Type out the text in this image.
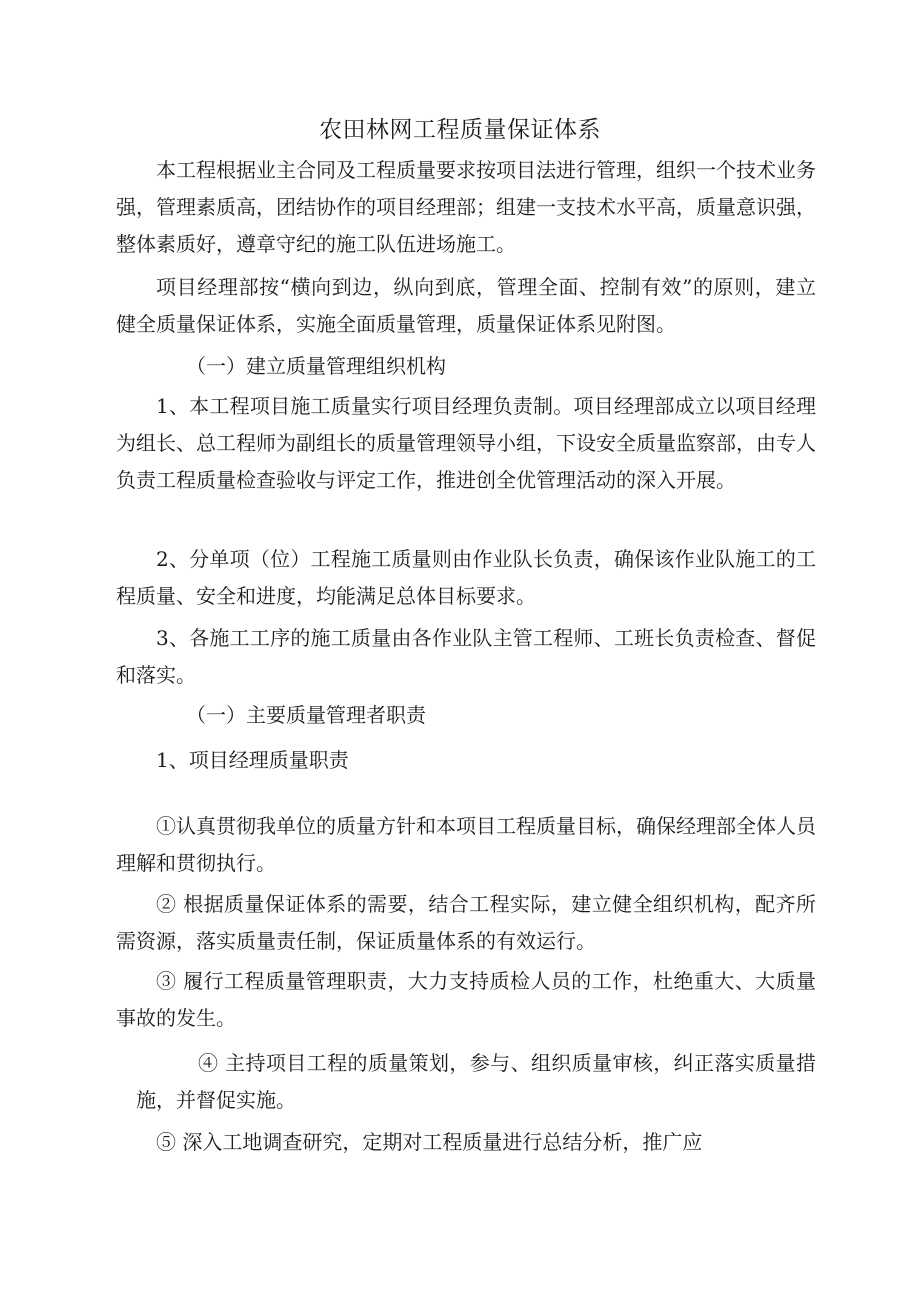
农田林网工程质量保证体系

本工程根据业主合同及工程质量要求按项目法进行管理，组织一个技术业务强，管理素质高，团结协作的项目经理部；组建一支技术水平高，质量意识强，整体素质好，遵章守纪的施工队伍进场施工。

项目经理部按“横向到边，纵向到底，管理全面、控制有效”的原则，建立健全质量保证体系，实施全面质量管理，质量保证体系见附图。

（一）建立质量管理组织机构

1、本工程项目施工质量实行项目经理负责制。项目经理部成立以项目经理为组长、总工程师为副组长的质量管理领导小组，下设安全质量监察部，由专人负责工程质量检查验收与评定工作，推进创全优管理活动的深入开展。

2、分单项（位）工程施工质量则由作业队长负责，确保该作业队施工的工程质量、安全和进度，均能满足总体目标要求。

3、各施工工序的施工质量由各作业队主管工程师、工班长负责检查、督促和落实。

（一）主要质量管理者职责

1、项目经理质量职责

①认真贯彻我单位的质量方针和本项目工程质量目标，确保经理部全体人员理解和贯彻执行。

② 根据质量保证体系的需要，结合工程实际，建立健全组织机构，配齐所需资源，落实质量责任制，保证质量体系的有效运行。

③ 履行工程质量管理职责，大力支持质检人员的工作，杜绝重大、大质量事故的发生。

④ 主持项目工程的质量策划，参与、组织质量审核，纠正落实质量措施，并督促实施。

⑤ 深入工地调查研究，定期对工程质量进行总结分析，推广应
